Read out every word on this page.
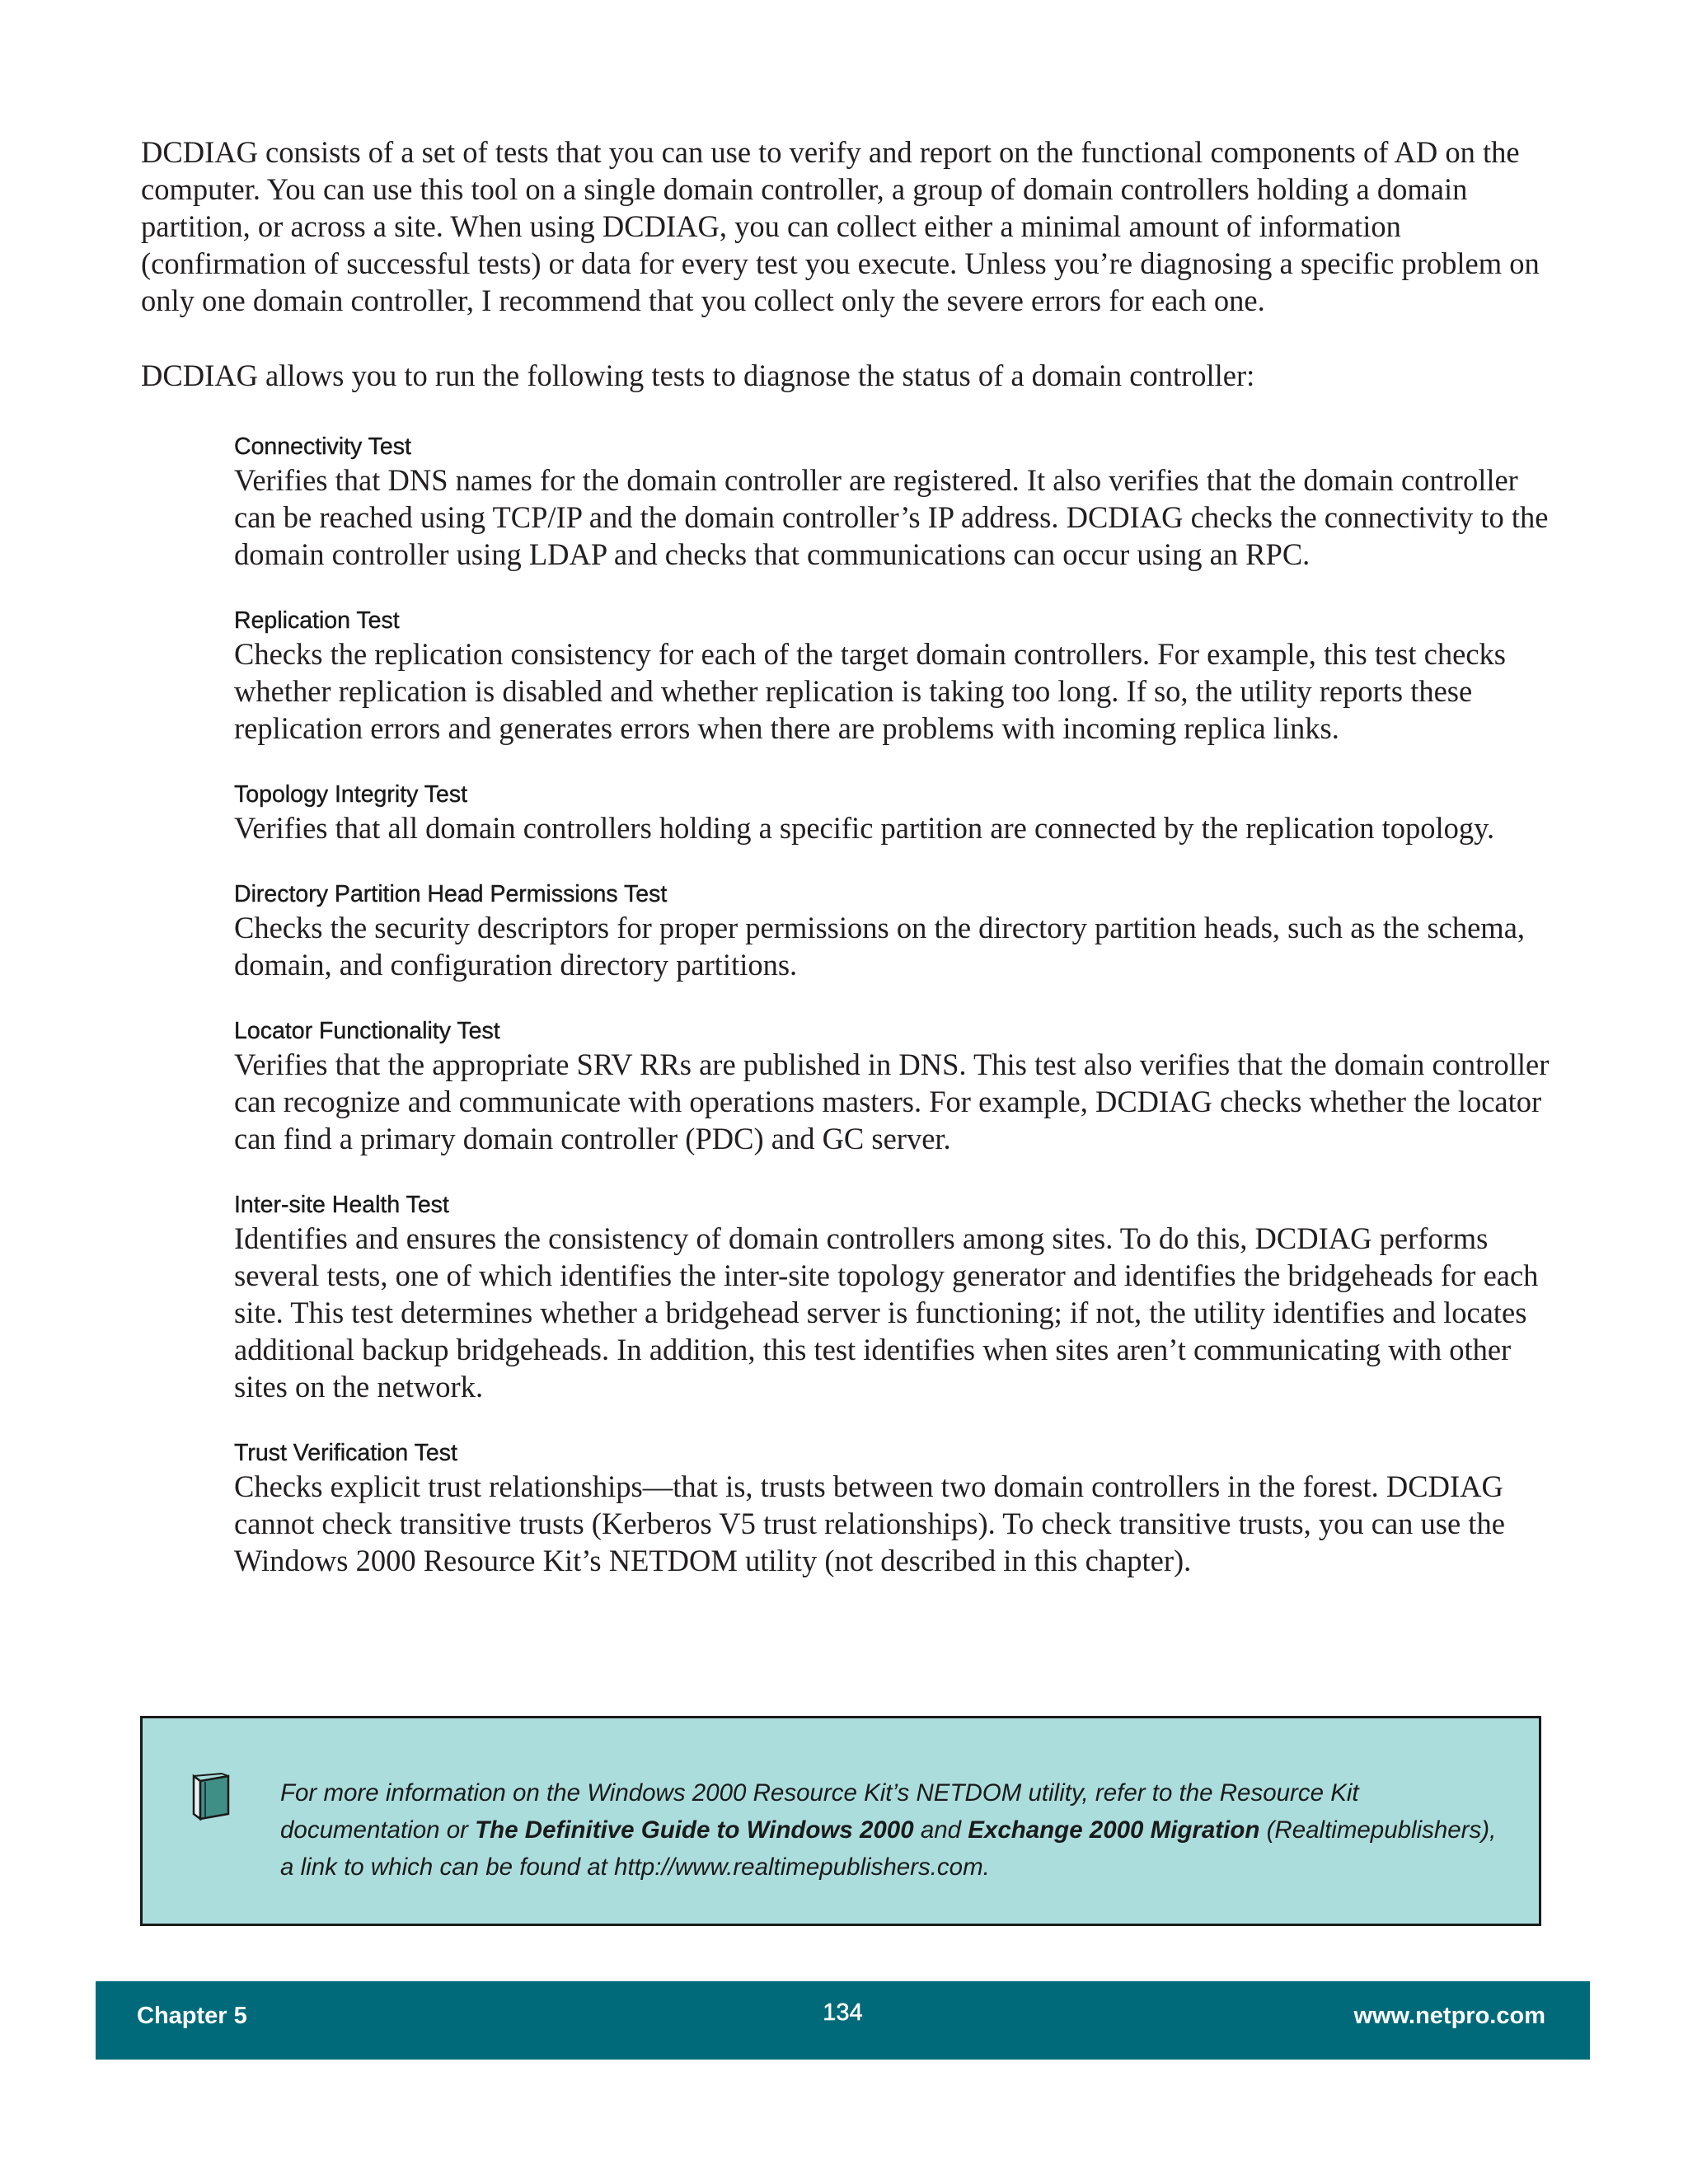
DCDIAG consists of a set of tests that you can use to verify and report on the functional components of AD on the computer. You can use this tool on a single domain controller, a group of domain controllers holding a domain partition, or across a site. When using DCDIAG, you can collect either a minimal amount of information (confirmation of successful tests) or data for every test you execute. Unless you’re diagnosing a specific problem on only one domain controller, I recommend that you collect only the severe errors for each one.

DCDIAG allows you to run the following tests to diagnose the status of a domain controller:

Connectivity Test

Verifies that DNS names for the domain controller are registered. It also verifies that the domain controller can be reached using TCP/IP and the domain controller’s IP address. DCDIAG checks the connectivity to the domain controller using LDAP and checks that communications can occur using an RPC.

Replication Test

Checks the replication consistency for each of the target domain controllers. For example, this test checks whether replication is disabled and whether replication is taking too long. If so, the utility reports these replication errors and generates errors when there are problems with incoming replica links.

Topology Integrity Test

Verifies that all domain controllers holding a specific partition are connected by the replication topology.

Directory Partition Head Permissions Test

Checks the security descriptors for proper permissions on the directory partition heads, such as the schema, domain, and configuration directory partitions.

Locator Functionality Test

Verifies that the appropriate SRV RRs are published in DNS. This test also verifies that the domain controller can recognize and communicate with operations masters. For example, DCDIAG checks whether the locator can find a primary domain controller (PDC) and GC server.

Inter-site Health Test

Identifies and ensures the consistency of domain controllers among sites. To do this, DCDIAG performs several tests, one of which identifies the inter-site topology generator and identifies the bridgeheads for each site. This test determines whether a bridgehead server is functioning; if not, the utility identifies and locates additional backup bridgeheads. In addition, this test identifies when sites aren’t communicating with other sites on the network.

Trust Verification Test

Checks explicit trust relationships—that is, trusts between two domain controllers in the forest. DCDIAG cannot check transitive trusts (Kerberos V5 trust relationships). To check transitive trusts, you can use the Windows 2000 Resource Kit’s NETDOM utility (not described in this chapter).

For more information on the Windows 2000 Resource Kit’s NETDOM utility, refer to the Resource Kit documentation or The Definitive Guide to Windows 2000 and Exchange 2000 Migration (Realtimepublishers), a link to which can be found at http://www.realtimepublishers.com.

Chapter 5	134	www.netpro.com
